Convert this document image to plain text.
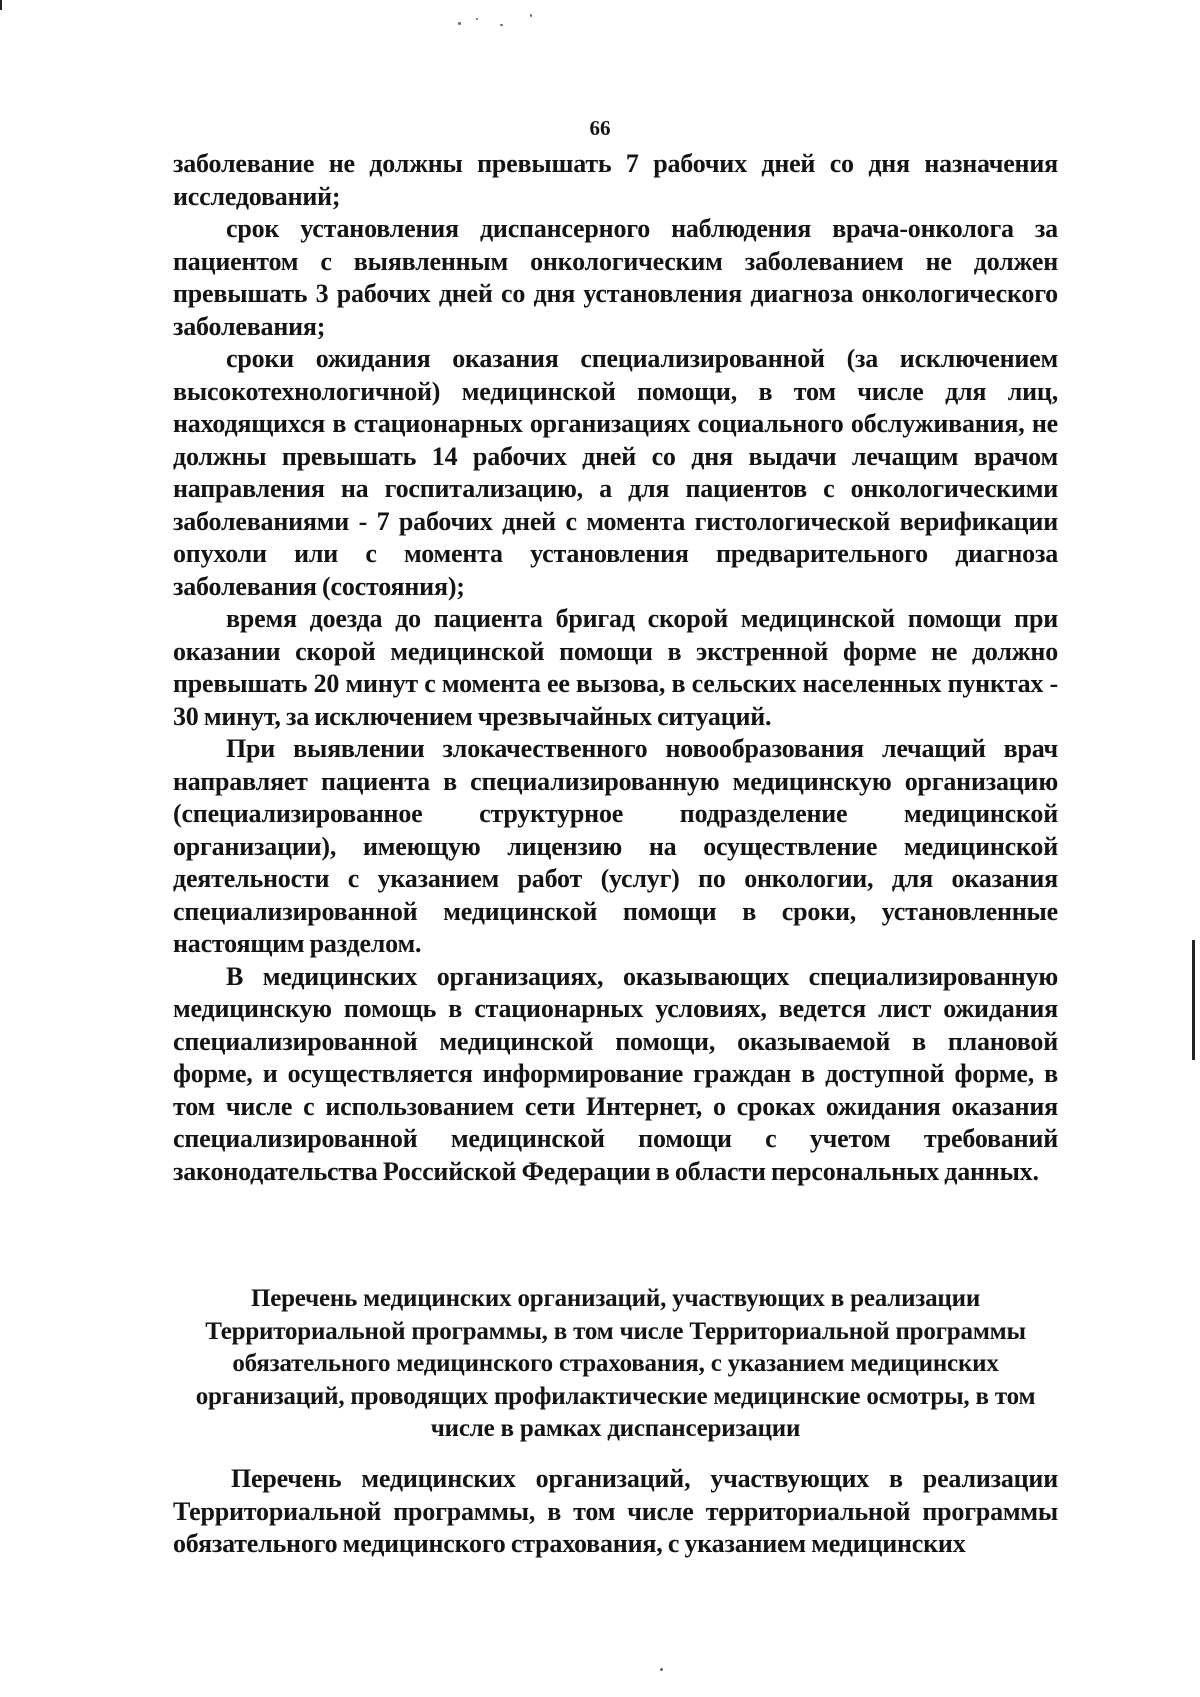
66

заболевание не должны превышать 7 рабочих дней со дня назначения исследований;

срок установления диспансерного наблюдения врача-онколога за пациентом с выявленным онкологическим заболеванием не должен превышать 3 рабочих дней со дня установления диагноза онкологического заболевания;

сроки ожидания оказания специализированной (за исключением высокотехнологичной) медицинской помощи, в том числе для лиц, находящихся в стационарных организациях социального обслуживания, не должны превышать 14 рабочих дней со дня выдачи лечащим врачом направления на госпитализацию, а для пациентов с онкологическими заболеваниями - 7 рабочих дней с момента гистологической верификации опухоли или с момента установления предварительного диагноза заболевания (состояния);

время доезда до пациента бригад скорой медицинской помощи при оказании скорой медицинской помощи в экстренной форме не должно превышать 20 минут с момента ее вызова, в сельских населенных пунктах - 30 минут, за исключением чрезвычайных ситуаций.

При выявлении злокачественного новообразования лечащий врач направляет пациента в специализированную медицинскую организацию (специализированное структурное подразделение медицинской организации), имеющую лицензию на осуществление медицинской деятельности с указанием работ (услуг) по онкологии, для оказания специализированной медицинской помощи в сроки, установленные настоящим разделом.

В медицинских организациях, оказывающих специализированную медицинскую помощь в стационарных условиях, ведется лист ожидания специализированной медицинской помощи, оказываемой в плановой форме, и осуществляется информирование граждан в доступной форме, в том числе с использованием сети Интернет, о сроках ожидания оказания специализированной медицинской помощи с учетом требований законодательства Российской Федерации в области персональных данных.

Перечень медицинских организаций, участвующих в реализации Территориальной программы, в том числе Территориальной программы обязательного медицинского страхования, с указанием медицинских организаций, проводящих профилактические медицинские осмотры, в том числе в рамках диспансеризации
Перечень медицинских организаций, участвующих в реализации Территориальной программы, в том числе территориальной программы обязательного медицинского страхования, с указанием медицинских
